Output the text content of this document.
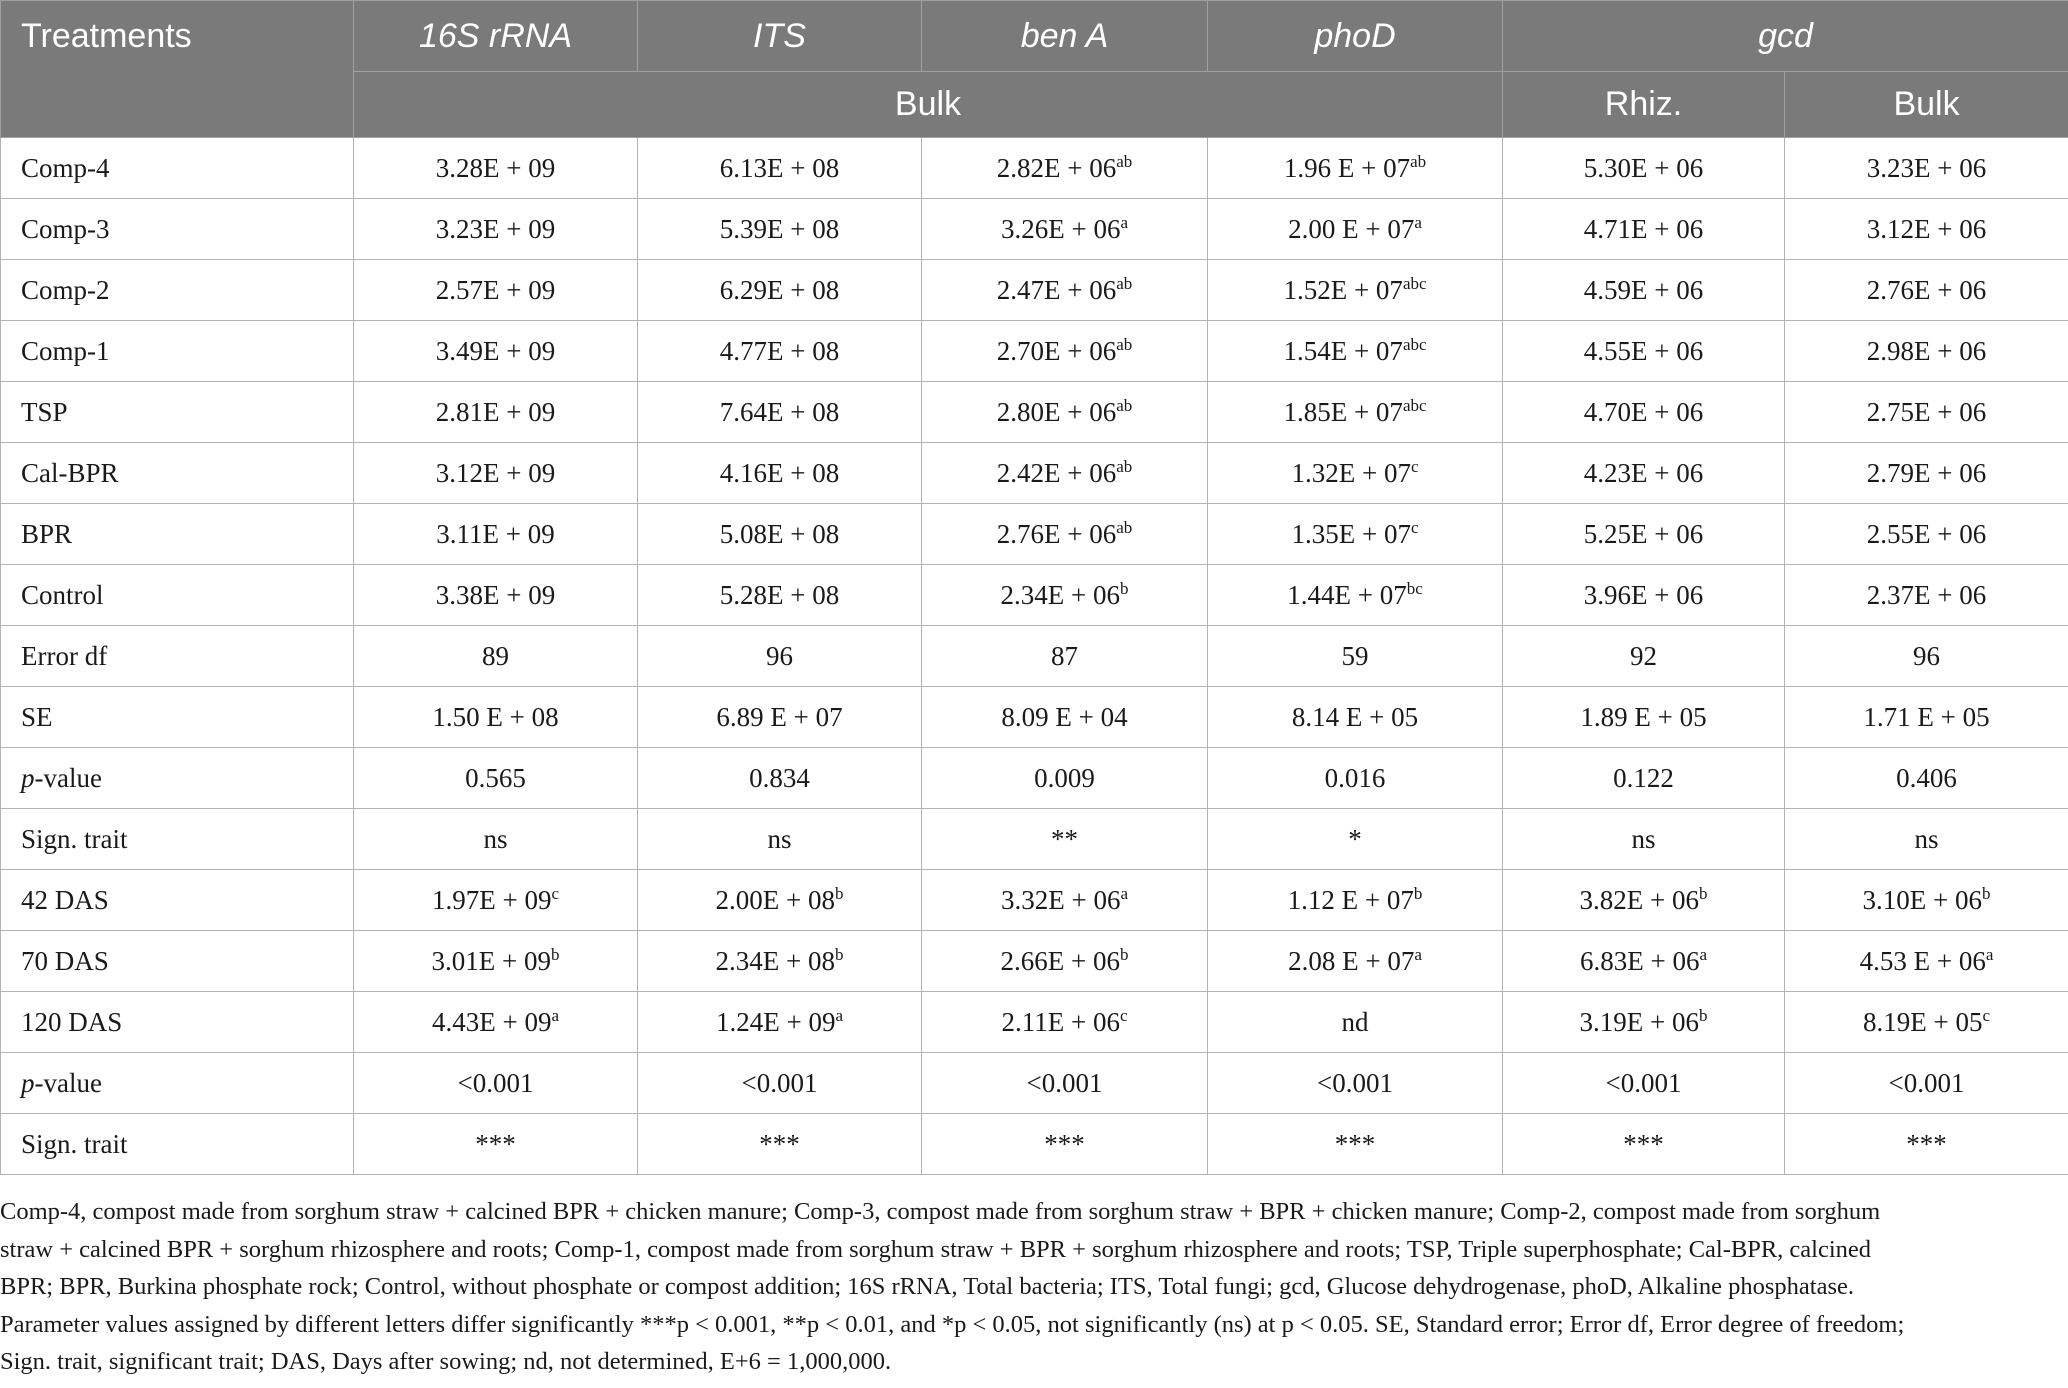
Treatments	16S rRNA	ITS	ben A	phoD	gcd	
	Bulk				Rhiz.	Bulk
Comp-4	3.28E + 09	6.13E + 08	$2.82E + 06^{ab}$	1.96 $E + 07^{ab}$	5.30E + 06	3.23E + 06
Comp-3	3.23E + 09	5.39E + 08	$3.26E + 06^a$	2.00 $E + 07^a$	4.71E + 06	3.12E + 06
Comp-2	2.57E + 09	6.29E + 08	$2.47E + 06^{ab}$	$1.52E + 07^{abc}$	4.59E + 06	2.76E + 06
Comp-1	3.49E + 09	4.77E + 08	$2.70E + 06^{ab}$	$1.54E + 07^{abc}$	4.55E + 06	2.98E + 06
TSP	2.81E + 09	7.64E + 08	$2.80E + 06^{ab}$	$1.85E + 07^{abc}$	4.70E + 06	2.75E + 06
Cal-BPR	3.12E + 09	4.16E + 08	$2.42E + 06^{ab}$	$1.32E + 07^c$	4.23E + 06	2.79E + 06
BPR	3.11E + 09	5.08E + 08	$2.76E + 06^{ab}$	$1.35E + 07^c$	5.25E + 06	2.55E + 06
Control	3.38E + 09	5.28E + 08	$2.34E + 06^b$	$1.44E + 07^{bc}$	3.96E + 06	2.37E + 06
Error df	89	96	87	59	92	96
SE	1.50 E + 08	6.89 E + 07	8.09 E + 04	8.14 E + 05	1.89 E + 05	1.71 E + 05
p-value	0.565	0.834	0.009	0.016	0.122	0.406
Sign. trait	ns	ns	**	*	ns	ns
42 DAS	$1.97E + 09^c$	$2.00E + 08^b$	$3.32E + 06^a$	1.12 $E + 07^b$	$3.82E + 06^b$	$3.10E + 06^b$
70 DAS	$3.01E + 09^b$	$2.34E + 08^b$	$2.66E + 06^b$	2.08 $E + 07^a$	$6.83E + 06^a$	4.53 $E + 06^a$
120 DAS	$4.43E + 09^a$	$1.24E + 09^a$	$2.11E + 06^c$	nd	$3.19E + 06^b$	$8.19E + 05^c$
p-value	<0.001	<0.001	<0.001	<0.001	<0.001	<0.001
Sign. trait	***	***	***	***	***	***

Comp-4, compost made from sorghum straw + calcined BPR + chicken manure; Comp-3, compost made from sorghum straw + BPR + chicken manure; Comp-2, compost made from sorghum
straw + calcined BPR + sorghum rhizosphere and roots; Comp-1, compost made from sorghum straw + BPR + sorghum rhizosphere and roots; TSP, Triple superphosphate; Cal-BPR, calcined
BPR; BPR, Burkina phosphate rock; Control, without phosphate or compost addition; 16S rRNA, Total bacteria; ITS, Total fungi; gcd, Glucose dehydrogenase, phoD, Alkaline phosphatase.
Parameter values assigned by different letters differ significantly ***p < 0.001, **p < 0.01, and *p < 0.05, not significantly (ns) at p < 0.05. SE, Standard error; Error df, Error degree of freedom;
Sign. trait, significant trait; DAS, Days after sowing; nd, not determined, E+6 = 1,000,000.
